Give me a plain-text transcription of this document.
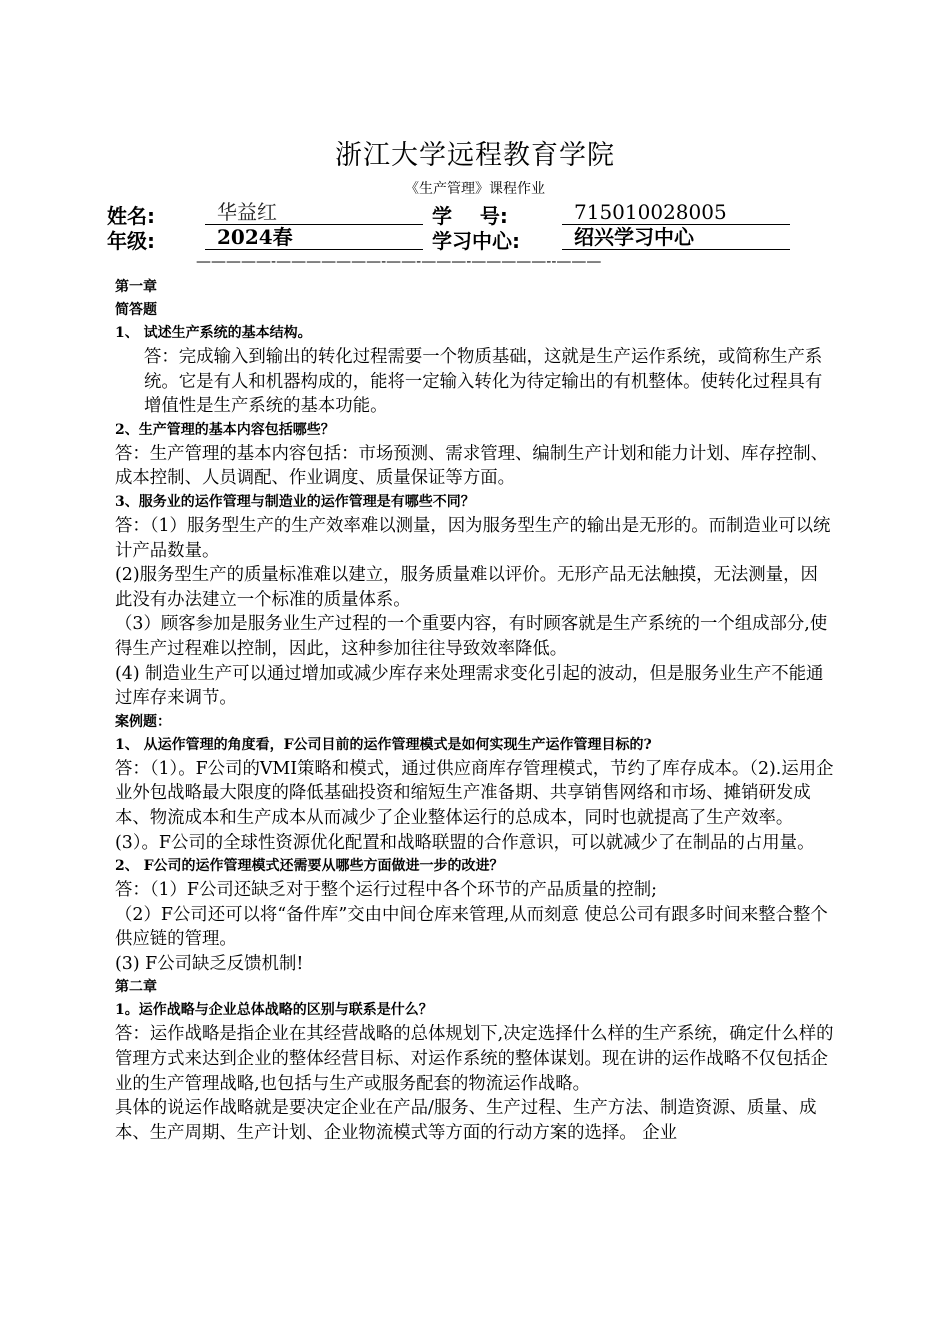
浙江大学远程教育学院
《生产管理》课程作业
姓名:	华益红	学    号:	715010028005
年级:	2024春	学习中心:	绍兴学习中心
—————-———————-——-———-—————--———
第一章
简答题
1、 试述生产系统的基本结构。
答：完成输入到输出的转化过程需要一个物质基础，这就是生产运作系统，或简称生产系统。它是有人和机器构成的，能将一定输入转化为待定输出的有机整体。使转化过程具有增值性是生产系统的基本功能。
2、生产管理的基本内容包括哪些？
答：生产管理的基本内容包括：市场预测、需求管理、编制生产计划和能力计划、库存控制、成本控制、人员调配、作业调度、质量保证等方面。
3、服务业的运作管理与制造业的运作管理是有哪些不同？
答：（1）服务型生产的生产效率难以测量，因为服务型生产的输出是无形的。而制造业可以统计产品数量。
(2)服务型生产的质量标准难以建立，服务质量难以评价。无形产品无法触摸，无法测量，因此没有办法建立一个标准的质量体系。
（3）顾客参加是服务业生产过程的一个重要内容，有时顾客就是生产系统的一个组成部分,使得生产过程难以控制，因此，这种参加往往导致效率降低。
(4) 制造业生产可以通过增加或减少库存来处理需求变化引起的波动，但是服务业生产不能通过库存来调节。
案例题：
1、 从运作管理的角度看，F公司目前的运作管理模式是如何实现生产运作管理目标的?
答：（1）。F公司的VMI策略和模式，通过供应商库存管理模式，节约了库存成本。（2).运用企业外包战略最大限度的降低基础投资和缩短生产准备期、共享销售网络和市场、摊销研发成本、物流成本和生产成本从而减少了企业整体运行的总成本，同时也就提高了生产效率。(3）。F公司的全球性资源优化配置和战略联盟的合作意识，可以就减少了在制品的占用量。
2、 F公司的运作管理模式还需要从哪些方面做进一步的改进？
答：（1）F公司还缺乏对于整个运行过程中各个环节的产品质量的控制;
（2）F公司还可以将“备件库”交由中间仓库来管理,从而刻意 使总公司有跟多时间来整合整个供应链的管理。
(3) F公司缺乏反馈机制!
第二章
1。运作战略与企业总体战略的区别与联系是什么？
答：运作战略是指企业在其经营战略的总体规划下,决定选择什么样的生产系统，确定什么样的管理方式来达到企业的整体经营目标、对运作系统的整体谋划。现在讲的运作战略不仅包括企业的生产管理战略,也包括与生产或服务配套的物流运作战略。
具体的说运作战略就是要决定企业在产品/服务、生产过程、生产方法、制造资源、质量、成本、生产周期、生产计划、企业物流模式等方面的行动方案的选择。 企业
